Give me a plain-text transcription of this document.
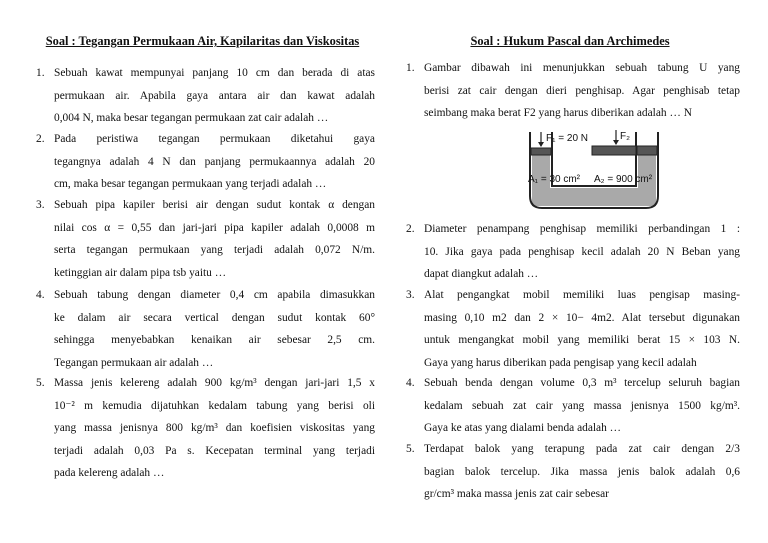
Soal : Tegangan Permukaan Air, Kapilaritas dan Viskositas
1. Sebuah kawat mempunyai panjang 10 cm dan berada di atas
permukaan air. Apabila gaya antara air dan kawat adalah
0,004 N, maka besar tegangan permukaan zat cair adalah …
2. Pada peristiwa tegangan permukaan diketahui gaya
tegangnya adalah 4 N dan panjang permukaannya adalah 20
cm, maka besar tegangan permukaan yang terjadi adalah …
3. Sebuah pipa kapiler berisi air dengan sudut kontak α dengan
nilai cos α = 0,55 dan jari-jari pipa kapiler adalah 0,0008 m
serta tegangan permukaan yang terjadi adalah 0,072 N/m.
ketinggian air dalam pipa tsb yaitu …
4. Sebuah tabung dengan diameter 0,4 cm apabila dimasukkan
ke dalam air secara vertical dengan sudut kontak 60°
sehingga menyebabkan kenaikan air sebesar 2,5 cm.
Tegangan permukaan air adalah …
5. Massa jenis kelereng adalah 900 kg/m³ dengan jari-jari 1,5 x
10⁻² m kemudia dijatuhkan kedalam tabung yang berisi oli
yang massa jenisnya 800 kg/m³ dan koefisien viskositas yang
terjadi adalah 0,03 Pa s. Kecepatan terminal yang terjadi
pada kelereng adalah …
Soal : Hukum Pascal dan Archimedes
1. Gambar dibawah ini menunjukkan sebuah tabung U yang
berisi zat cair dengan dieri penghisap. Agar penghisab tetap
seimbang maka berat F2 yang harus diberikan adalah … N
2. Diameter penampang penghisap memiliki perbandingan 1 :
10. Jika gaya pada penghisap kecil adalah 20 N Beban yang
dapat diangkut adalah …
3. Alat pengangkat mobil memiliki luas pengisap masing-
masing 0,10 m2 dan 2 × 10− 4m2. Alat tersebut digunakan
untuk mengangkat mobil yang memiliki berat 15 × 103 N.
Gaya yang harus diberikan pada pengisap yang kecil adalah
4. Sebuah benda dengan volume 0,3 m³ tercelup seluruh bagian
kedalam sebuah zat cair yang massa jenisnya 1500 kg/m³.
Gaya ke atas yang dialami benda adalah …
5. Terdapat balok yang terapung pada zat cair dengan 2/3
bagian balok tercelup. Jika massa jenis balok adalah 0,6
gr/cm³ maka massa jenis zat cair sebesar
F₁ = 20 N	F₂
A₁ = 30 cm² A₂ = 900 cm²
